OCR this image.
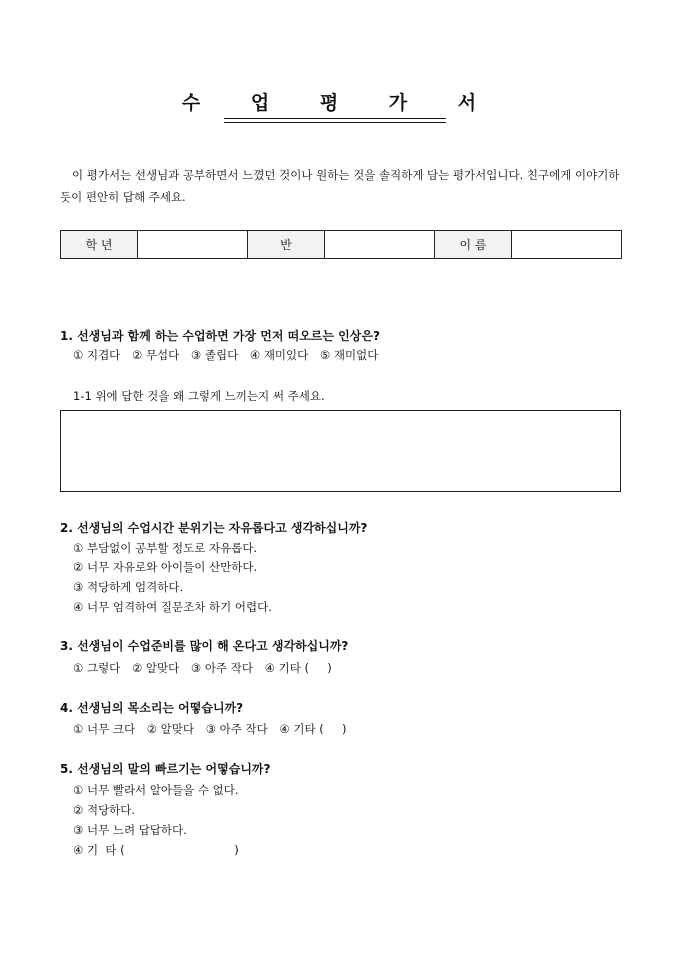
수 업 평 가 서
이 평가서는 선생님과 공부하면서 느꼈던 것이나 원하는 것을 솔직하게 담는 평가서입니다. 친구에게 이야기하듯이 편안히 답해 주세요.
학 년		반		이 름	
1. 선생님과 함께 하는 수업하면 가장 먼저 떠오르는 인상은?
① 지겹다 ② 무섭다 ③ 졸립다 ④ 재미있다 ⑤ 재미없다
1-1 위에 답한 것을 왜 그렇게 느끼는지 써 주세요.
2. 선생님의 수업시간 분위기는 자유롭다고 생각하십니까?
① 부담없이 공부할 정도로 자유롭다.
② 너무 자유로와 아이들이 산만하다.
③ 적당하게 엄격하다.
④ 너무 엄격하여 질문조차 하기 어렵다.
3. 선생님이 수업준비를 많이 해 온다고 생각하십니까?
① 그렇다 ② 알맞다 ③ 아주 작다 ④ 기타 (     )
4. 선생님의 목소리는 어떻습니까?
① 너무 크다 ② 알맞다 ③ 아주 작다 ④ 기타 (     )
5. 선생님의 말의 빠르기는 어떻습니까?
① 너무 빨라서 알아들을 수 없다.
② 적당하다.
③ 너무 느려 답답하다.
④ 기  타 (                              )
